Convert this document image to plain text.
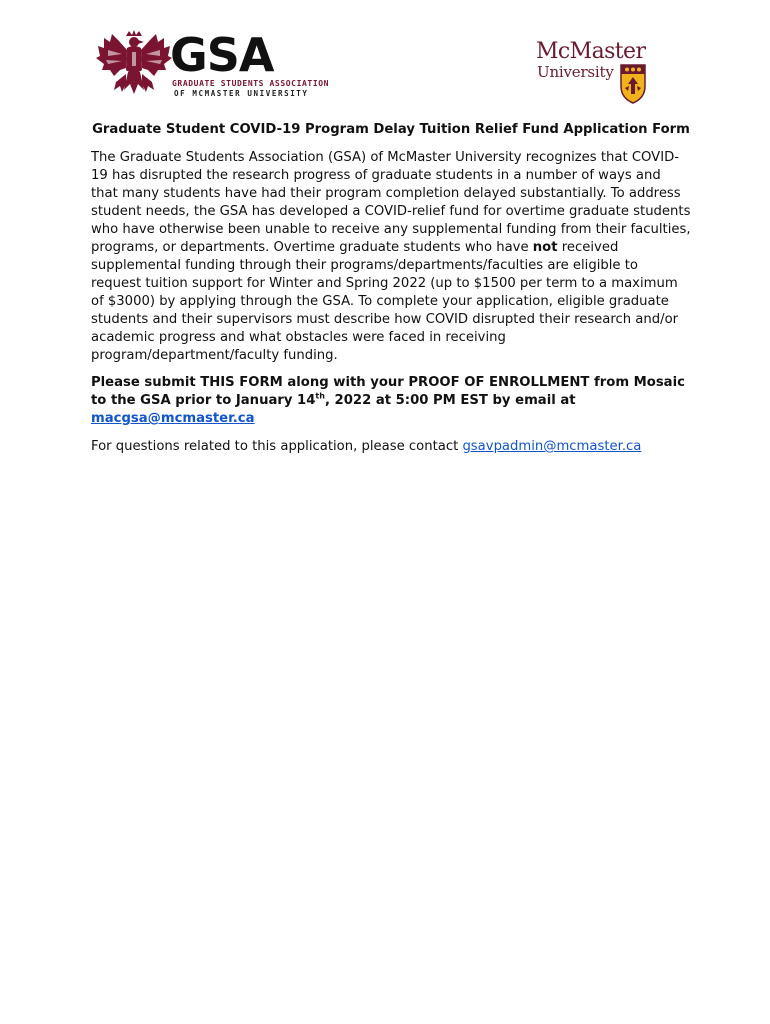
GSA
GRADUATE STUDENTS ASSOCIATION
OF MCMASTER UNIVERSITY
McMaster
University
Graduate Student COVID-19 Program Delay Tuition Relief Fund Application Form
The Graduate Students Association (GSA) of McMaster University recognizes that COVID-19 has disrupted the research progress of graduate students in a number of ways and that many students have had their program completion delayed substantially. To address student needs, the GSA has developed a COVID-relief fund for overtime graduate students who have otherwise been unable to receive any supplemental funding from their faculties, programs, or departments. Overtime graduate students who have not received supplemental funding through their programs/departments/faculties are eligible to request tuition support for Winter and Spring 2022 (up to $1500 per term to a maximum of $3000) by applying through the GSA. To complete your application, eligible graduate students and their supervisors must describe how COVID disrupted their research and/or academic progress and what obstacles were faced in receiving program/department/faculty funding.
Please submit THIS FORM along with your PROOF OF ENROLLMENT from Mosaic to the GSA prior to January 14th, 2022 at 5:00 PM EST by email at macgsa@mcmaster.ca
For questions related to this application, please contact gsavpadmin@mcmaster.ca
